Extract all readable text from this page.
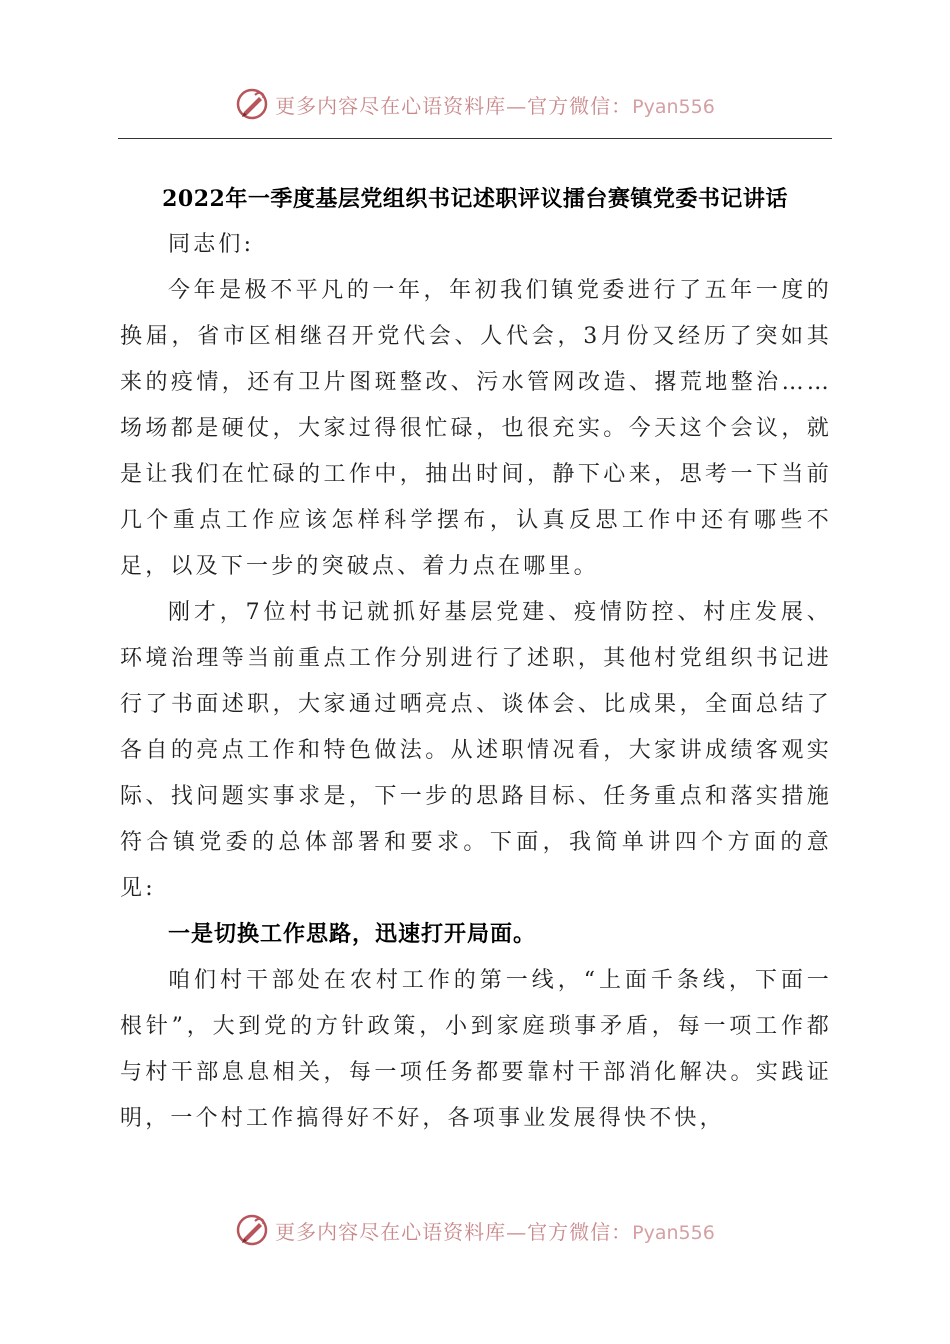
更多内容尽在心语资料库—官方微信：Pyan556
2022年一季度基层党组织书记述职评议擂台赛镇党委书记讲话

同志们:

今年是极不平凡的一年，年初我们镇党委进行了五年一度的换届，省市区相继召开党代会、人代会，3月份又经历了突如其来的疫情，还有卫片图斑整改、污水管网改造、撂荒地整治……场场都是硬仗，大家过得很忙碌，也很充实。今天这个会议，就是让我们在忙碌的工作中，抽出时间，静下心来，思考一下当前几个重点工作应该怎样科学摆布，认真反思工作中还有哪些不足，以及下一步的突破点、着力点在哪里。

刚才，7位村书记就抓好基层党建、疫情防控、村庄发展、环境治理等当前重点工作分别进行了述职，其他村党组织书记进行了书面述职，大家通过晒亮点、谈体会、比成果，全面总结了各自的亮点工作和特色做法。从述职情况看，大家讲成绩客观实际、找问题实事求是，下一步的思路目标、任务重点和落实措施符合镇党委的总体部署和要求。下面，我简单讲四个方面的意见:

一是切换工作思路，迅速打开局面。

咱们村干部处在农村工作的第一线，“上面千条线，下面一根针”，大到党的方针政策，小到家庭琐事矛盾，每一项工作都与村干部息息相关，每一项任务都要靠村干部消化解决。实践证明，一个村工作搞得好不好，各项事业发展得快不快，

更多内容尽在心语资料库—官方微信：Pyan556
